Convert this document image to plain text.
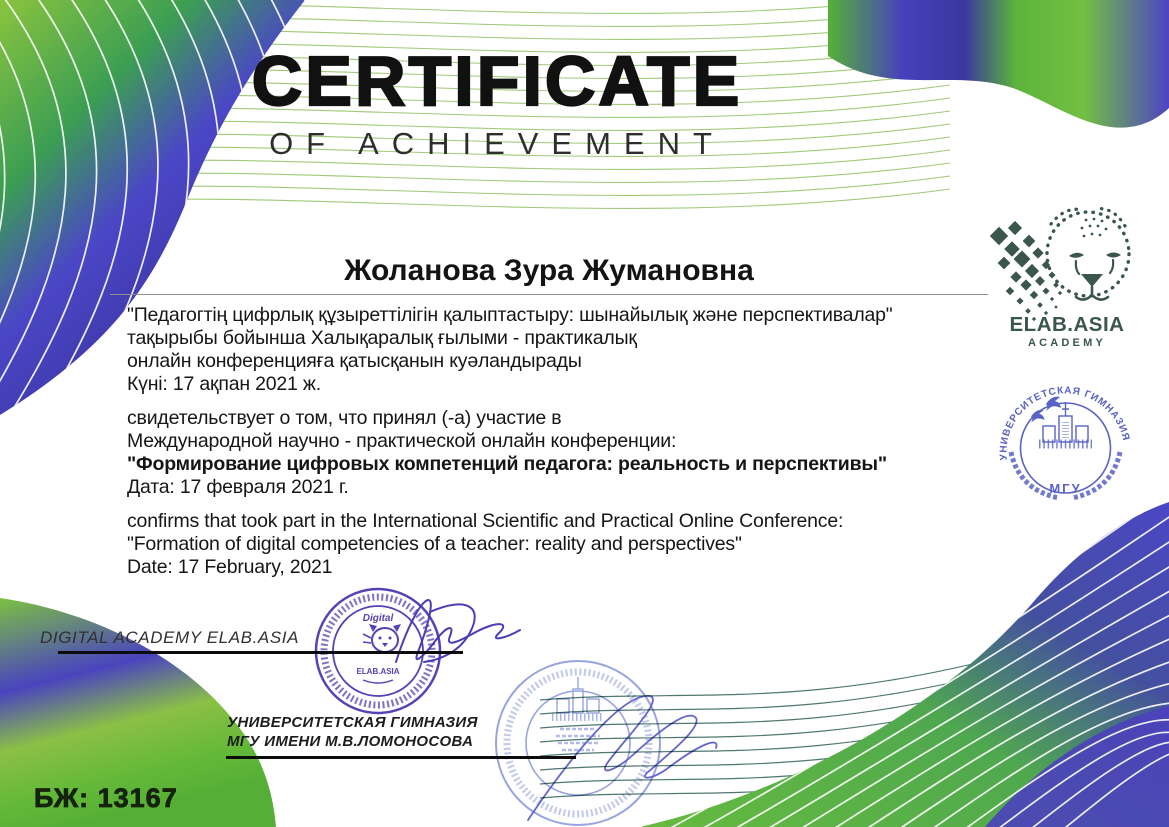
CERTIFICATE
OF ACHIEVEMENT
Жоланова Зура Жумановна
"Педагогтің цифрлық құзыреттілігін қалыптастыру: шынайылық және перспективалар"
тақырыбы бойынша Халықаралық ғылыми - практикалық
онлайн конференцияға қатысқанын куәландырады
Күні: 17 ақпан 2021 ж.
свидетельствует о том, что принял (-а) участие в
Международной научно - практической онлайн конференции:
"Формирование цифровых компетенций педагога: реальность и перспективы"
Дата: 17 февраля 2021 г.
confirms that took part in the International Scientific and Practical Online Conference:
"Formation of digital competencies of a teacher: reality and perspectives"
Date: 17 February, 2021
ELAB.ASIA
ACADEMY
УНИВЕРСИТЕТСКАЯ ГИМНАЗИЯ
МГУ
DIGITAL ACADEMY ELAB.ASIA
УНИВЕРСИТЕТСКАЯ ГИМНАЗИЯ
МГУ ИМЕНИ М.В.ЛОМОНОСОВА
БЖ: 13167
Digital
ELAB.ASIA
